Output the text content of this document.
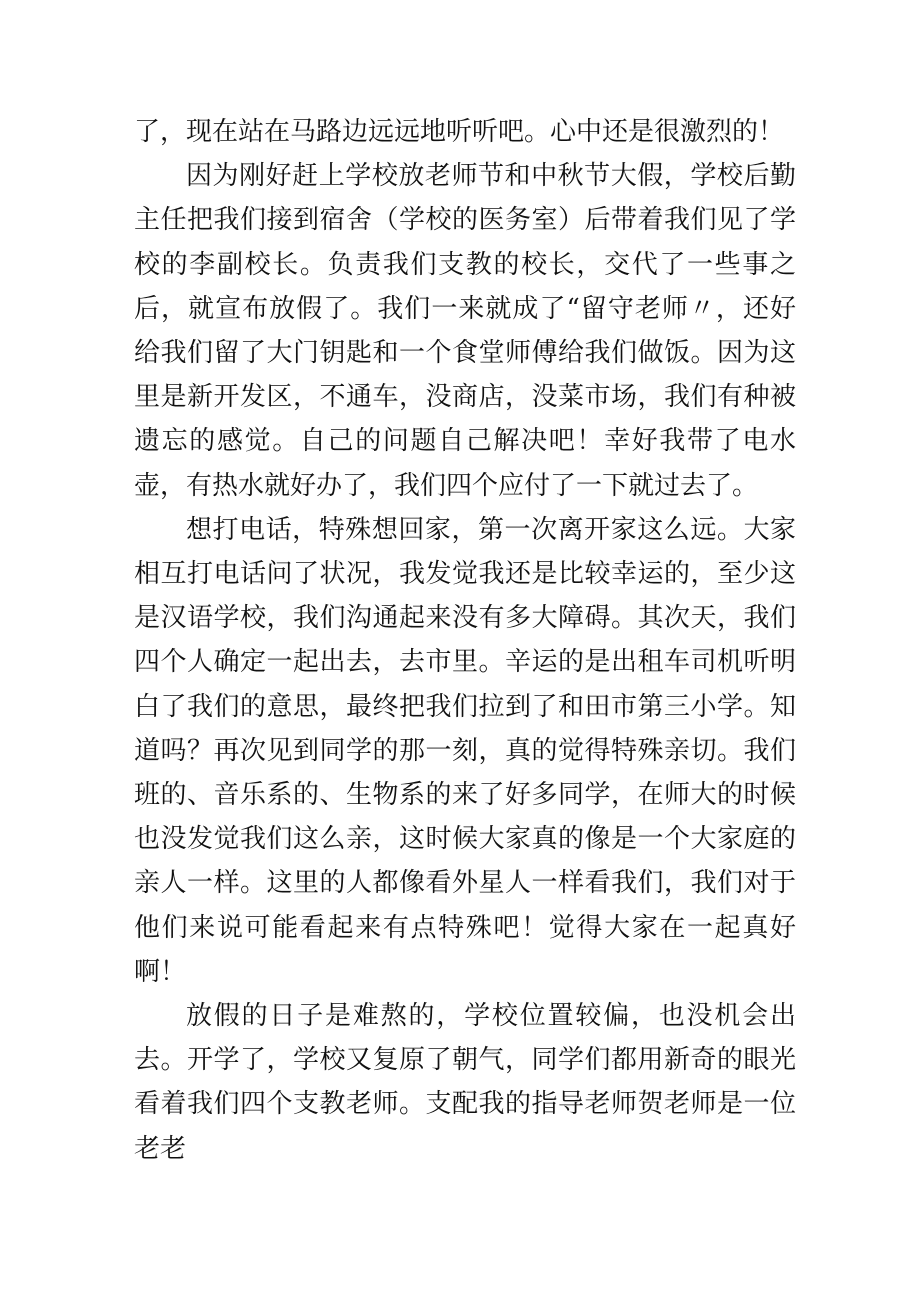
了，现在站在马路边远远地听听吧。心中还是很激烈的！

因为刚好赶上学校放老师节和中秋节大假，学校后勤主任把我们接到宿舍（学校的医务室）后带着我们见了学校的李副校长。负责我们支教的校长，交代了一些事之后，就宣布放假了。我们一来就成了“留守老师〃，还好给我们留了大门钥匙和一个食堂师傅给我们做饭。因为这里是新开发区，不通车，没商店，没菜市场，我们有种被遗忘的感觉。自己的问题自己解决吧！幸好我带了电水壶，有热水就好办了，我们四个应付了一下就过去了。

想打电话，特殊想回家，第一次离开家这么远。大家相互打电话问了状况，我发觉我还是比较幸运的，至少这是汉语学校，我们沟通起来没有多大障碍。其次天，我们四个人确定一起出去，去市里。辛运的是出租车司机听明白了我们的意思，最终把我们拉到了和田市第三小学。知道吗？再次见到同学的那一刻，真的觉得特殊亲切。我们班的、音乐系的、生物系的来了好多同学，在师大的时候也没发觉我们这么亲，这时候大家真的像是一个大家庭的亲人一样。这里的人都像看外星人一样看我们，我们对于他们来说可能看起来有点特殊吧！觉得大家在一起真好啊！

放假的日子是难熬的，学校位置较偏，也没机会出去。开学了，学校又复原了朝气，同学们都用新奇的眼光看着我们四个支教老师。支配我的指导老师贺老师是一位老老
